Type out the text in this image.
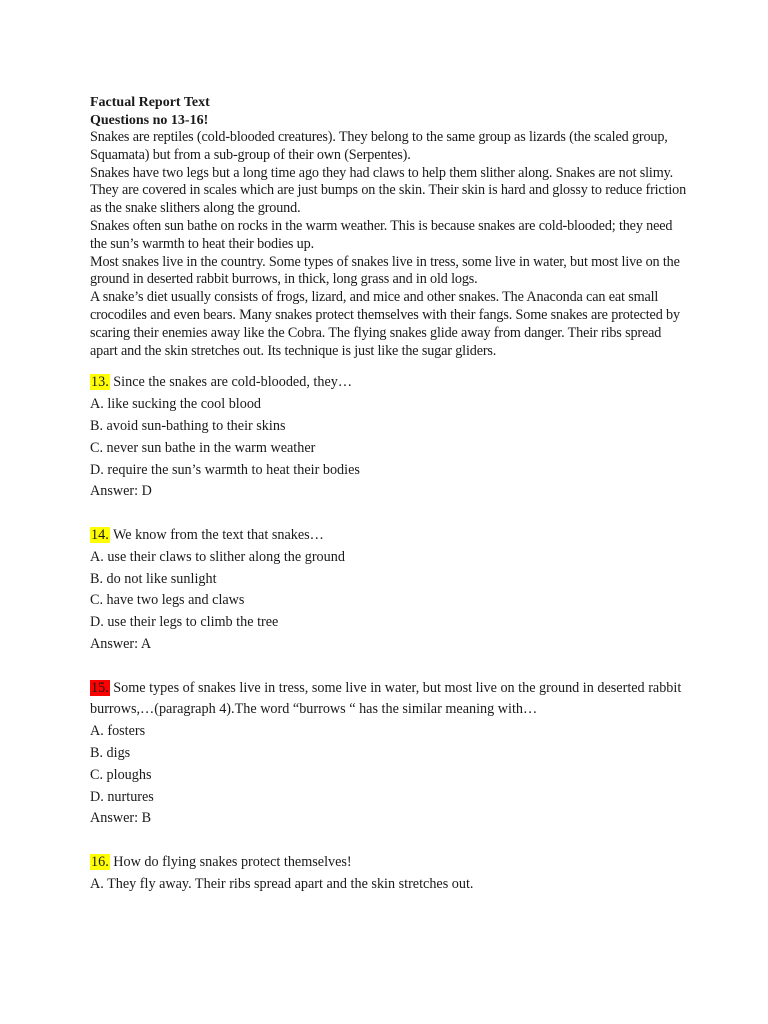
Factual Report Text

Questions no 13-16!

Snakes are reptiles (cold-blooded creatures). They belong to the same group as lizards (the scaled group, Squamata) but from a sub-group of their own (Serpentes).

Snakes have two legs but a long time ago they had claws to help them slither along. Snakes are not slimy. They are covered in scales which are just bumps on the skin. Their skin is hard and glossy to reduce friction as the snake slithers along the ground.

Snakes often sun bathe on rocks in the warm weather. This is because snakes are cold-blooded; they need the sun’s warmth to heat their bodies up.

Most snakes live in the country. Some types of snakes live in tress, some live in water, but most live on the ground in deserted rabbit burrows, in thick, long grass and in old logs.

A snake’s diet usually consists of frogs, lizard, and mice and other snakes. The Anaconda can eat small crocodiles and even bears. Many snakes protect themselves with their fangs. Some snakes are protected by scaring their enemies away like the Cobra. The flying snakes glide away from danger. Their ribs spread apart and the skin stretches out. Its technique is just like the sugar gliders.

13. Since the snakes are cold-blooded, they…
A. like sucking the cool blood
B. avoid sun-bathing to their skins
C. never sun bathe in the warm weather
D. require the sun’s warmth to heat their bodies
Answer: D
14. We know from the text that snakes…
A. use their claws to slither along the ground
B. do not like sunlight
C. have two legs and claws
D. use their legs to climb the tree
Answer: A
15. Some types of snakes live in tress, some live in water, but most live on the ground in deserted rabbit burrows,…(paragraph 4).The word “burrows “ has the similar meaning with…
A. fosters
B. digs
C. ploughs
D. nurtures
Answer: B
16. How do flying snakes protect themselves!
A. They fly away. Their ribs spread apart and the skin stretches out.
